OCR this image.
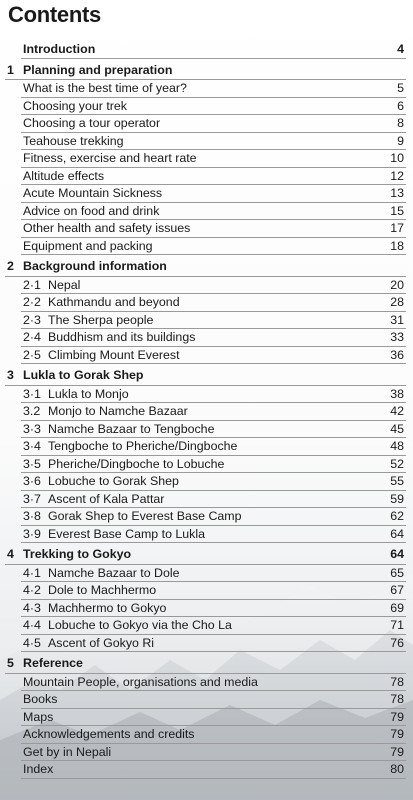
Contents
Introduction	4
1 Planning and preparation
What is the best time of year?	5
Choosing your trek	6
Choosing a tour operator	8
Teahouse trekking	9
Fitness, exercise and heart rate	10
Altitude effects	12
Acute Mountain Sickness	13
Advice on food and drink	15
Other health and safety issues	17
Equipment and packing	18
2 Background information
2·1 Nepal	20
2·2 Kathmandu and beyond	28
2·3 The Sherpa people	31
2·4 Buddhism and its buildings	33
2·5 Climbing Mount Everest	36
3 Lukla to Gorak Shep
3·1 Lukla to Monjo	38
3.2 Monjo to Namche Bazaar	42
3·3 Namche Bazaar to Tengboche	45
3·4 Tengboche to Pheriche/Dingboche	48
3·5 Pheriche/Dingboche to Lobuche	52
3·6 Lobuche to Gorak Shep	55
3·7 Ascent of Kala Pattar	59
3·8 Gorak Shep to Everest Base Camp	62
3·9 Everest Base Camp to Lukla	64
4 Trekking to Gokyo	64
4·1 Namche Bazaar to Dole	65
4·2 Dole to Machhermo	67
4·3 Machhermo to Gokyo	69
4·4 Lobuche to Gokyo via the Cho La	71
4·5 Ascent of Gokyo Ri	76
5 Reference
Mountain People, organisations and media	78
Books	78
Maps	79
Acknowledgements and credits	79
Get by in Nepali	79
Index	80
